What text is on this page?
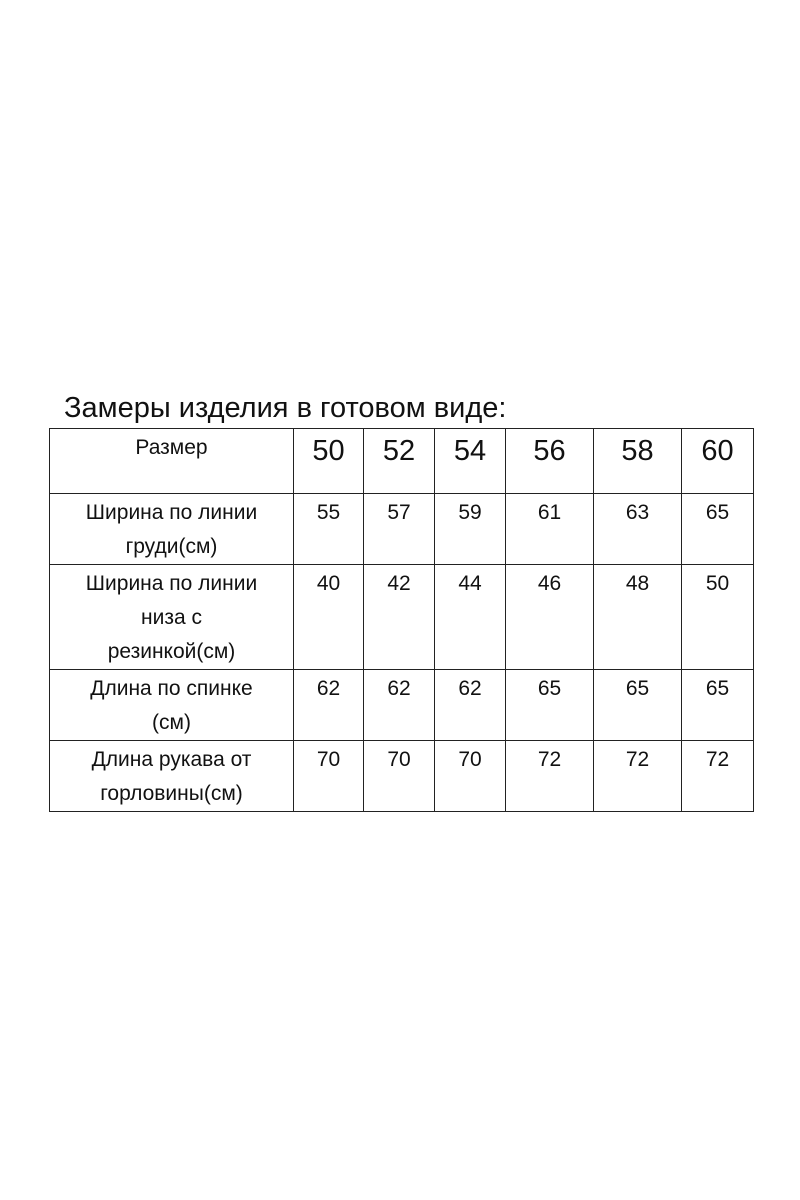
Замеры изделия в готовом виде:
Размер	50	52	54	56	58	60

Ширина по линии
груди(см)	55	57	59	61	63	65

Ширина по линии
низа с
резинкой(см)	40	42	44	46	48	50

Длина по спинке
(см)	62	62	62	65	65	65

Длина рукава от
горловины(см)	70	70	70	72	72	72
